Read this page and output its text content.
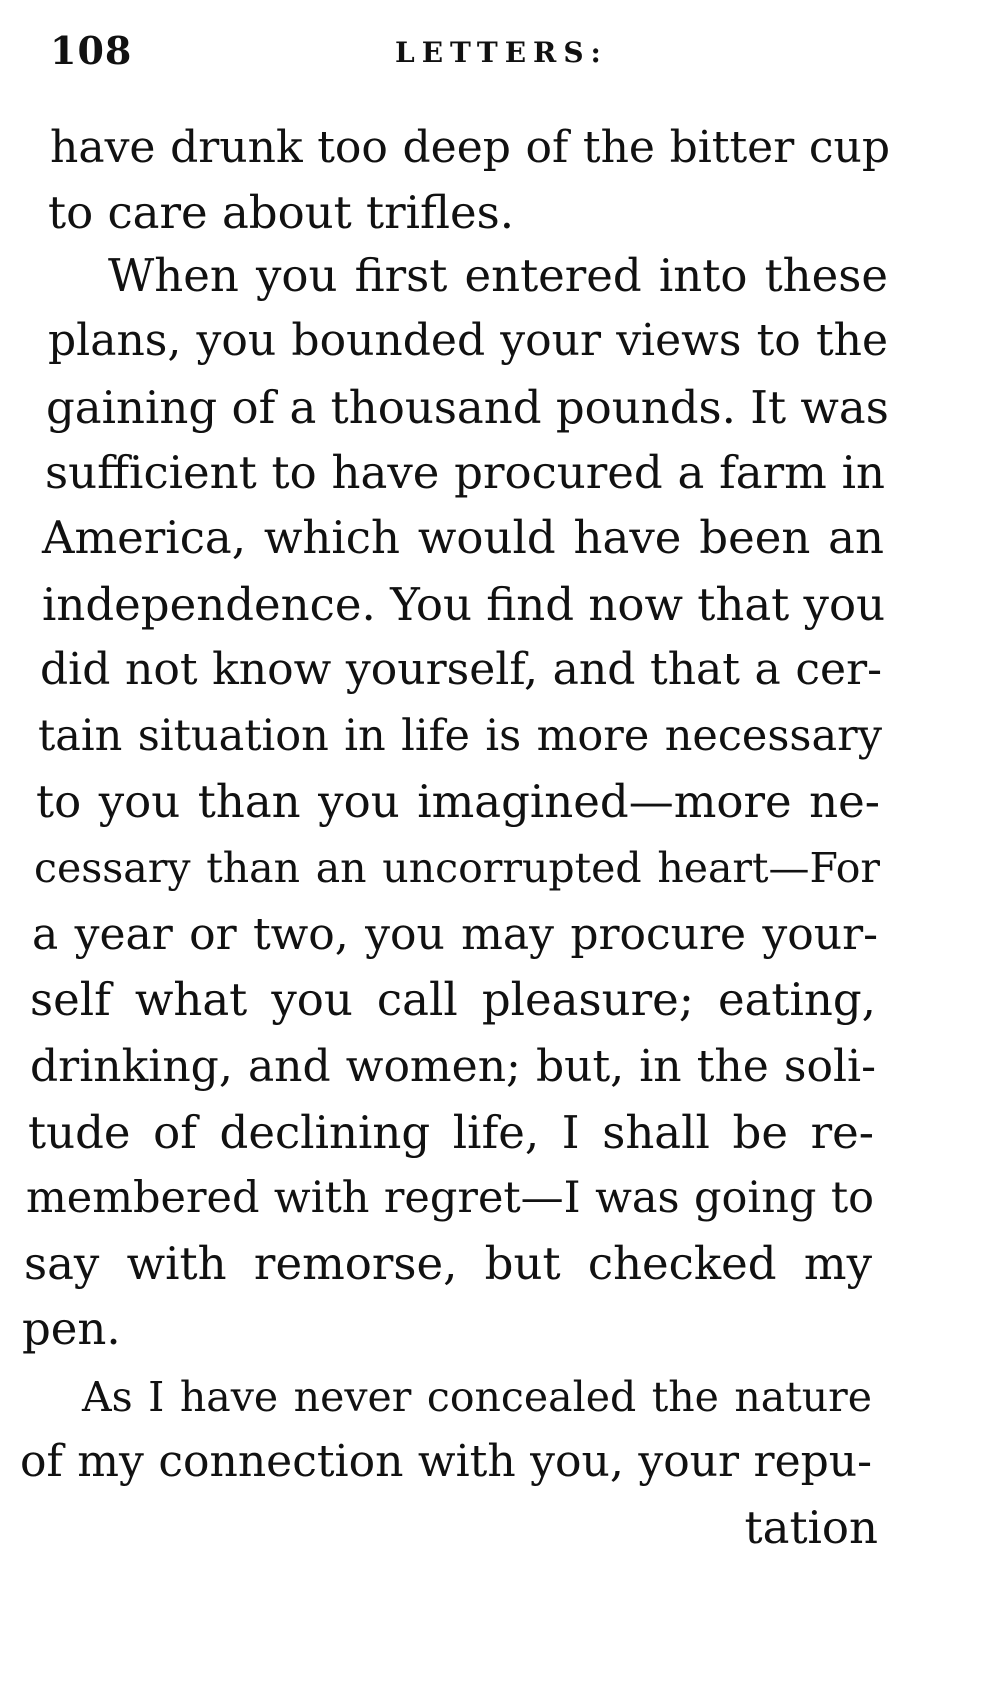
108	LETTERS:
have drunk too deep of the bitter cup
to care about trifles.
When you first entered into these
plans, you bounded your views to the
gaining of a thousand pounds. It was
sufficient to have procured a farm in
America, which would have been an
independence. You find now that you
did not know yourself, and that a cer-
tain situation in life is more necessary
to you than you imagined—more ne-
cessary than an uncorrupted heart—For
a year or two, you may procure your-
self what you call pleasure; eating,
drinking, and women; but, in the soli-
tude of declining life, I shall be re-
membered with regret—I was going to
say with remorse, but checked my
pen.
As I have never concealed the nature
of my connection with you, your repu-
tation
